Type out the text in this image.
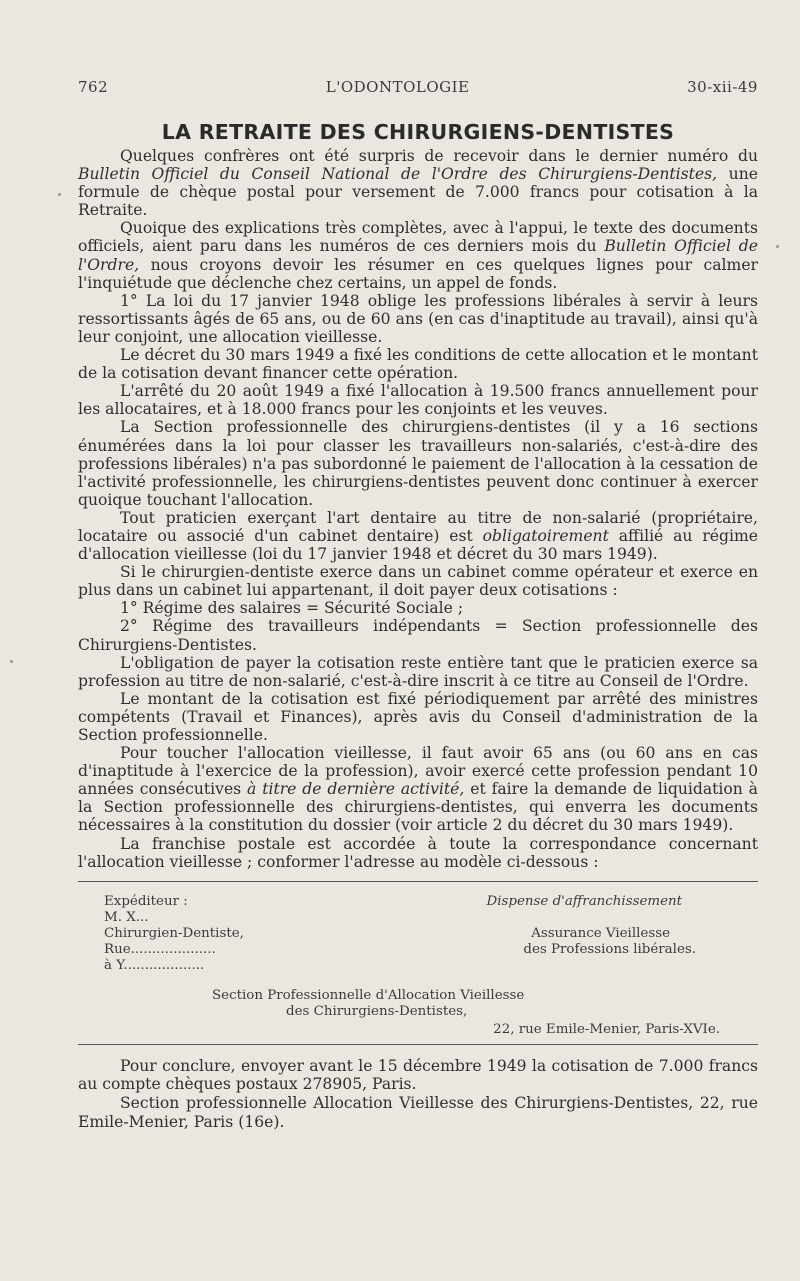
762	L'ODONTOLOGIE	30-xii-49
LA RETRAITE DES CHIRURGIENS-DENTISTES

Quelques confrères ont été surpris de recevoir dans le dernier numéro du Bulletin Officiel du Conseil National de l'Ordre des Chirurgiens-Dentistes, une formule de chèque postal pour versement de 7.000 francs pour cotisation à la Retraite.

Quoique des explications très complètes, avec à l'appui, le texte des documents officiels, aient paru dans les numéros de ces derniers mois du Bulletin Officiel de l'Ordre, nous croyons devoir les résumer en ces quelques lignes pour calmer l'inquiétude que déclenche chez certains, un appel de fonds.

1° La loi du 17 janvier 1948 oblige les professions libérales à servir à leurs ressortissants âgés de 65 ans, ou de 60 ans (en cas d'inaptitude au travail), ainsi qu'à leur conjoint, une allocation vieillesse.

Le décret du 30 mars 1949 a fixé les conditions de cette allocation et le montant de la cotisation devant financer cette opération.

L'arrêté du 20 août 1949 a fixé l'allocation à 19.500 francs annuellement pour les allocataires, et à 18.000 francs pour les conjoints et les veuves.

La Section professionnelle des chirurgiens-dentistes (il y a 16 sections énumérées dans la loi pour classer les travailleurs non-salariés, c'est-à-dire des professions libérales) n'a pas subordonné le paiement de l'allocation à la cessation de l'activité professionnelle, les chirurgiens-dentistes peuvent donc continuer à exercer quoique touchant l'allocation.

Tout praticien exerçant l'art dentaire au titre de non-salarié (propriétaire, locataire ou associé d'un cabinet dentaire) est obligatoirement affilié au régime d'allocation vieillesse (loi du 17 janvier 1948 et décret du 30 mars 1949).

Si le chirurgien-dentiste exerce dans un cabinet comme opérateur et exerce en plus dans un cabinet lui appartenant, il doit payer deux cotisations :

1° Régime des salaires = Sécurité Sociale ;

2° Régime des travailleurs indépendants = Section professionnelle des Chirurgiens-Dentistes.

L'obligation de payer la cotisation reste entière tant que le praticien exerce sa profession au titre de non-salarié, c'est-à-dire inscrit à ce titre au Conseil de l'Ordre.

Le montant de la cotisation est fixé périodiquement par arrêté des ministres compétents (Travail et Finances), après avis du Conseil d'administration de la Section professionnelle.

Pour toucher l'allocation vieillesse, il faut avoir 65 ans (ou 60 ans en cas d'inaptitude à l'exercice de la profession), avoir exercé cette profession pendant 10 années consécutives à titre de dernière activité, et faire la demande de liquidation à la Section professionnelle des chirurgiens-dentistes, qui enverra les documents nécessaires à la constitution du dossier (voir article 2 du décret du 30 mars 1949).

La franchise postale est accordée à toute la correspondance concernant l'allocation vieillesse ; conformer l'adresse au modèle ci-dessous :

Expéditeur :
M. X...
Chirurgien-Dentiste,
Rue....................
à Y...................
Dispense d'affranchissement
Assurance Vieillesse
des Professions libérales.
Section Professionnelle d'Allocation Vieillesse
des Chirurgiens-Dentistes,
22, rue Emile-Menier, Paris-XVIe.

Pour conclure, envoyer avant le 15 décembre 1949 la cotisation de 7.000 francs au compte chèques postaux 278905, Paris.

Section professionnelle Allocation Vieillesse des Chirurgiens-Dentistes, 22, rue Emile-Menier, Paris (16e).
